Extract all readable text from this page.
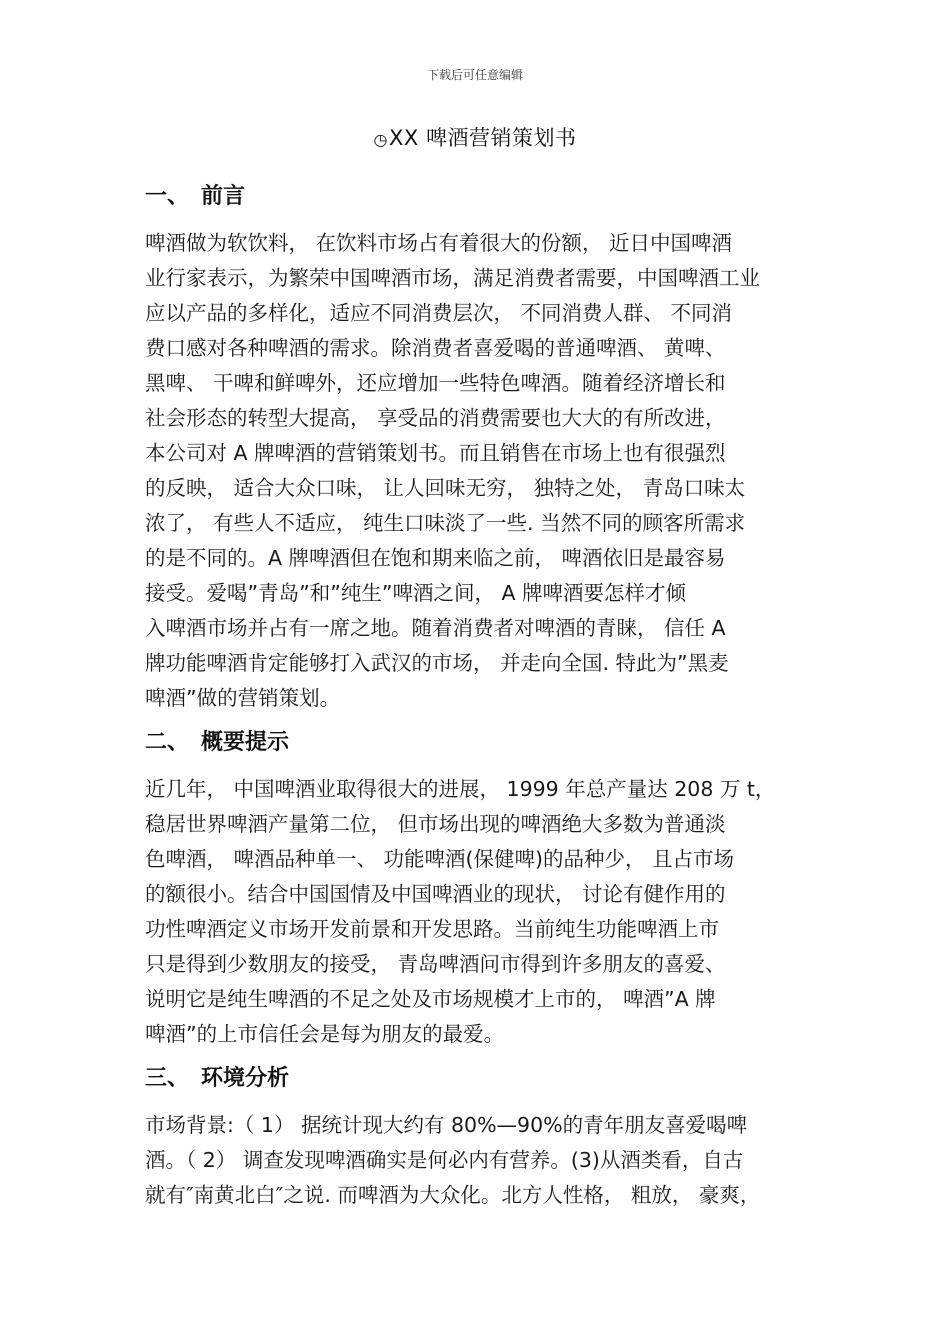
下载后可任意编辑
◷XX 啤酒营销策划书
一、 前言
啤酒做为软饮料， 在饮料市场占有着很大的份额， 近日中国啤酒
业行家表示，为繁荣中国啤酒市场，满足消费者需要，中国啤酒工业
应以产品的多样化，适应不同消费层次， 不同消费人群、 不同消
费口感对各种啤酒的需求。除消费者喜爱喝的普通啤酒、 黄啤、
黑啤、 干啤和鲜啤外，还应增加一些特色啤酒。随着经济增长和
社会形态的转型大提高， 享受品的消费需要也大大的有所改进，
本公司对 A 牌啤酒的营销策划书。而且销售在市场上也有很强烈
的反映， 适合大众口味， 让人回味无穷， 独特之处， 青岛口味太
浓了， 有些人不适应， 纯生口味淡了一些. 当然不同的顾客所需求
的是不同的。A 牌啤酒但在饱和期来临之前， 啤酒依旧是最容易
接受。爱喝”青岛”和”纯生”啤酒之间， A 牌啤酒要怎样才倾
入啤酒市场并占有一席之地。随着消费者对啤酒的青睐， 信任 A
牌功能啤酒肯定能够打入武汉的市场， 并走向全国. 特此为”黑麦
啤酒”做的营销策划。
二、 概要提示
近几年， 中国啤酒业取得很大的进展， 1999 年总产量达 208 万 t，
稳居世界啤酒产量第二位， 但市场出现的啤酒绝大多数为普通淡
色啤酒， 啤酒品种单一、 功能啤酒(保健啤)的品种少， 且占市场
的额很小。结合中国国情及中国啤酒业的现状， 讨论有健作用的
功性啤酒定义市场开发前景和开发思路。当前纯生功能啤酒上市
只是得到少数朋友的接受， 青岛啤酒问市得到许多朋友的喜爱、
说明它是纯生啤酒的不足之处及市场规模才上市的， 啤酒”A 牌
啤酒”的上市信任会是每为朋友的最爱。
三、 环境分析
市场背景:（ 1） 据统计现大约有 80%—90%的青年朋友喜爱喝啤
酒。（ 2） 调查发现啤酒确实是何必内有营养。(3)从酒类看，自古
就有″南黄北白″之说. 而啤酒为大众化。北方人性格， 粗放， 豪爽，
